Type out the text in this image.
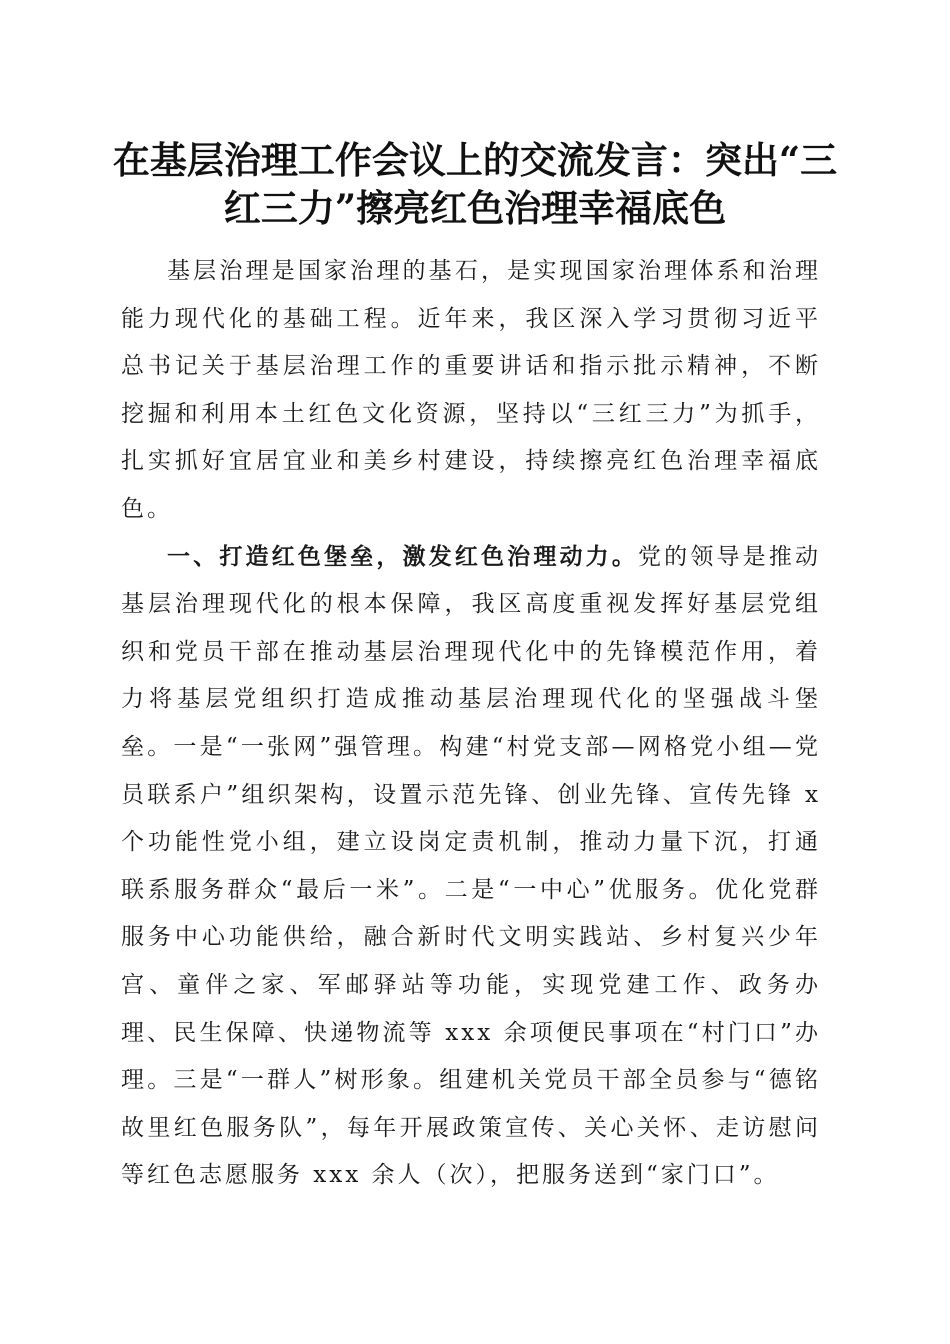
在基层治理工作会议上的交流发言：突出“三红三力”擦亮红色治理幸福底色

基层治理是国家治理的基石，是实现国家治理体系和治理能力现代化的基础工程。近年来，我区深入学习贯彻习近平总书记关于基层治理工作的重要讲话和指示批示精神，不断挖掘和利用本土红色文化资源，坚持以“三红三力”为抓手，扎实抓好宜居宜业和美乡村建设，持续擦亮红色治理幸福底色。

一、打造红色堡垒，激发红色治理动力。党的领导是推动基层治理现代化的根本保障，我区高度重视发挥好基层党组织和党员干部在推动基层治理现代化中的先锋模范作用，着力将基层党组织打造成推动基层治理现代化的坚强战斗堡垒。一是“一张网”强管理。构建“村党支部—网格党小组—党员联系户”组织架构，设置示范先锋、创业先锋、宣传先锋 x 个功能性党小组，建立设岗定责机制，推动力量下沉，打通联系服务群众“最后一米”。二是“一中心”优服务。优化党群服务中心功能供给，融合新时代文明实践站、乡村复兴少年宫、童伴之家、军邮驿站等功能，实现党建工作、政务办理、民生保障、快递物流等 xxx 余项便民事项在“村门口”办理。三是“一群人”树形象。组建机关党员干部全员参与“德铭故里红色服务队”，每年开展政策宣传、关心关怀、走访慰问等红色志愿服务 xxx 余人（次），把服务送到“家门口”。
